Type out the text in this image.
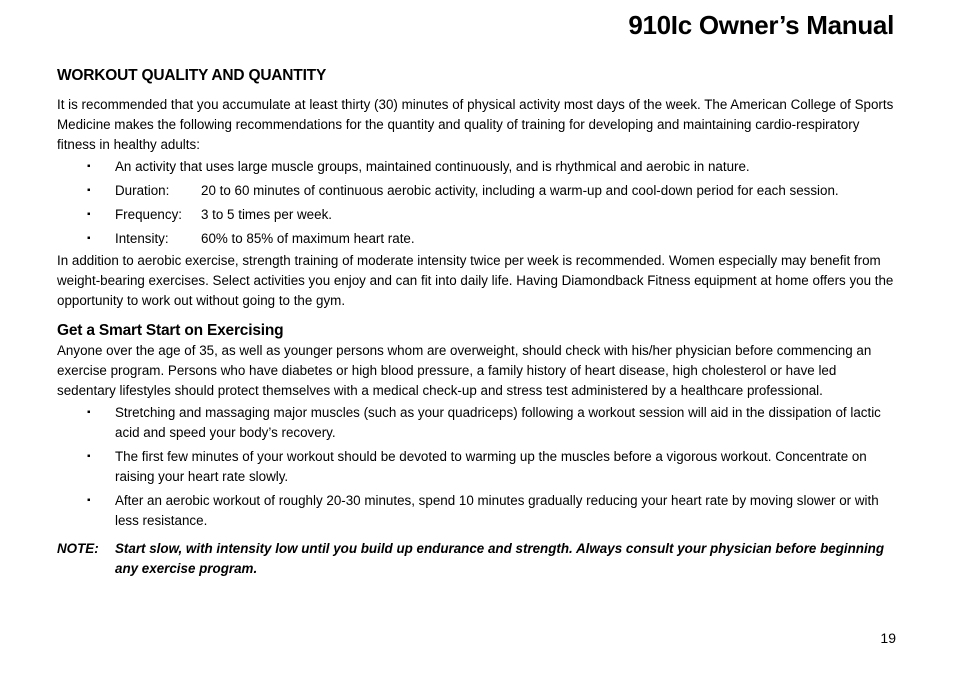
910Ic Owner’s Manual
WORKOUT QUALITY AND QUANTITY

It is recommended that you accumulate at least thirty (30) minutes of physical activity most days of the week. The American College of Sports Medicine makes the following recommendations for the quantity and quality of training for developing and maintaining cardio-respiratory fitness in healthy adults:

▪ An activity that uses large muscle groups, maintained continuously, and is rhythmical and aerobic in nature.
▪ Duration: 20 to 60 minutes of continuous aerobic activity, including a warm-up and cool-down period for each session.
▪ Frequency: 3 to 5 times per week.
▪ Intensity: 60% to 85% of maximum heart rate.

In addition to aerobic exercise, strength training of moderate intensity twice per week is recommended. Women especially may benefit from weight-bearing exercises. Select activities you enjoy and can fit into daily life. Having Diamondback Fitness equipment at home offers you the opportunity to work out without going to the gym.

Get a Smart Start on Exercising

Anyone over the age of 35, as well as younger persons whom are overweight, should check with his/her physician before commencing an exercise program. Persons who have diabetes or high blood pressure, a family history of heart disease, high cholesterol or have led sedentary lifestyles should protect themselves with a medical check-up and stress test administered by a healthcare professional.

▪ Stretching and massaging major muscles (such as your quadriceps) following a workout session will aid in the dissipation of lactic acid and speed your body’s recovery.
▪ The first few minutes of your workout should be devoted to warming up the muscles before a vigorous workout. Concentrate on raising your heart rate slowly.
▪ After an aerobic workout of roughly 20-30 minutes, spend 10 minutes gradually reducing your heart rate by moving slower or with less resistance.
NOTE:	Start slow, with intensity low until you build up endurance and strength. Always consult your physician before beginning any exercise program.
19
